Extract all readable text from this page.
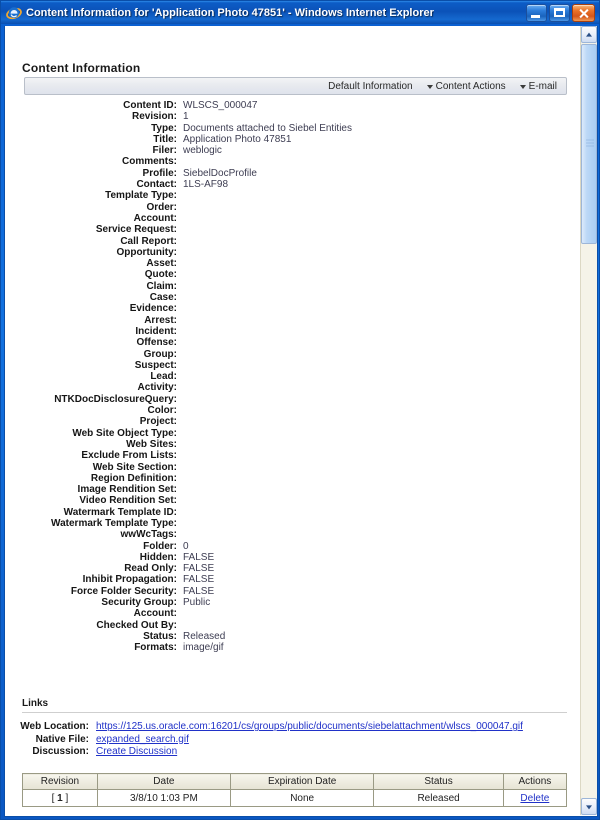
Content Information for 'Application Photo 47851' - Windows Internet Explorer
Content Information
Default Information Content Actions E-mail
Content ID: WLSCS_000047
Revision: 1
Type: Documents attached to Siebel Entities
Title: Application Photo 47851
Filer: weblogic
Comments:
Profile: SiebelDocProfile
Contact: 1LS-AF98
Template Type:
Order:
Account:
Service Request:
Call Report:
Opportunity:
Asset:
Quote:
Claim:
Case:
Evidence:
Arrest:
Incident:
Offense:
Group:
Suspect:
Lead:
Activity:
NTKDocDisclosureQuery:
Color:
Project:
Web Site Object Type:
Web Sites:
Exclude From Lists:
Web Site Section:
Region Definition:
Image Rendition Set:
Video Rendition Set:
Watermark Template ID:
Watermark Template Type:
wwWcTags:
Folder: 0
Hidden: FALSE
Read Only: FALSE
Inhibit Propagation: FALSE
Force Folder Security: FALSE
Security Group: Public
Account:
Checked Out By:
Status: Released
Formats: image/gif
Links
Web Location: https://125.us.oracle.com:16201/cs/groups/public/documents/siebelattachment/wlscs_000047.gif
Native File: expanded_search.gif
Discussion: Create Discussion
Revision	Date	Expiration Date	Status	Actions
[ 1 ]	3/8/10 1:03 PM	None	Released	Delete
